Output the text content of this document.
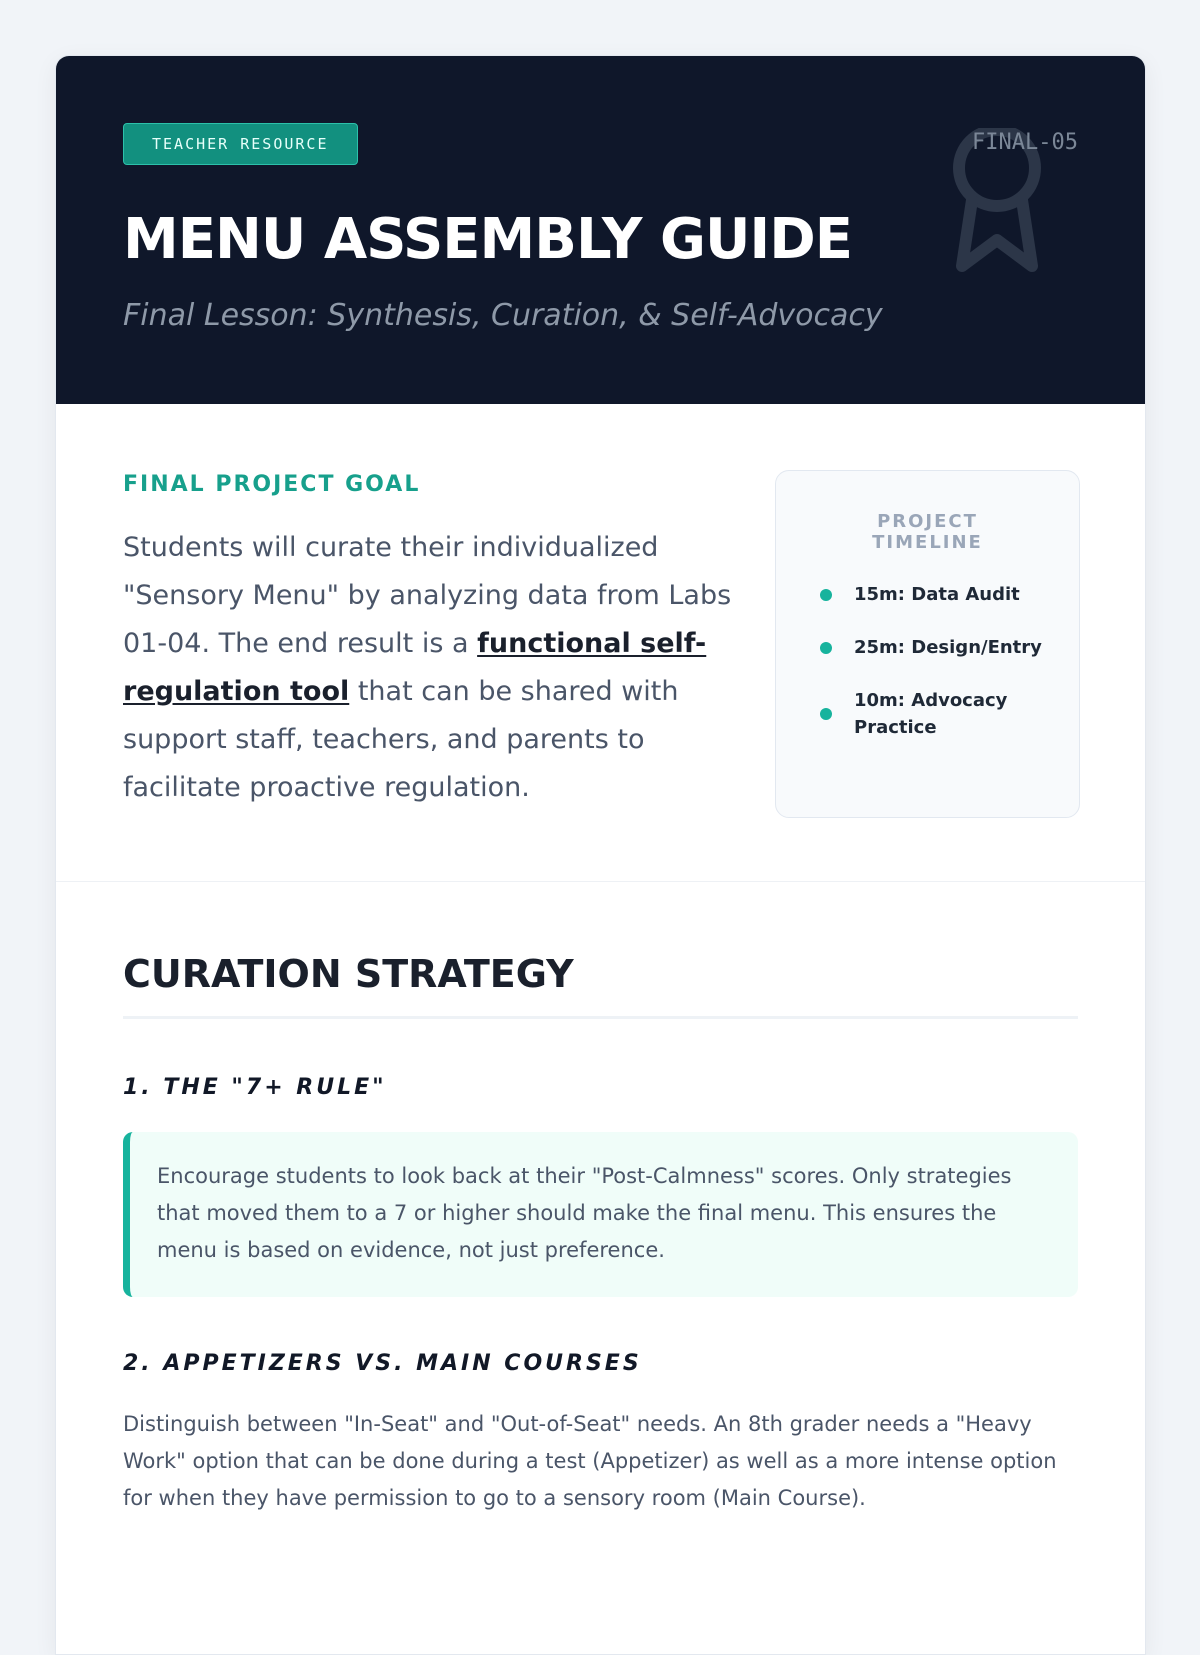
TEACHER RESOURCE	FINAL-05
MENU ASSEMBLY GUIDE

Final Lesson: Synthesis, Curation, & Self-Advocacy

FINAL PROJECT GOAL

Students will curate their individualized "Sensory Menu" by analyzing data from Labs 01-04. The end result is a functional self-regulation tool that can be shared with support staff, teachers, and parents to facilitate proactive regulation.

PROJECT TIMELINE
15m: Data Audit
25m: Design/Entry
10m: Advocacy Practice
CURATION STRATEGY
1. THE "7+ RULE"
Encourage students to look back at their "Post-Calmness" scores. Only strategies that moved them to a 7 or higher should make the final menu. This ensures the menu is based on evidence, not just preference.
2. APPETIZERS VS. MAIN COURSES

Distinguish between "In-Seat" and "Out-of-Seat" needs. An 8th grader needs a "Heavy Work" option that can be done during a test (Appetizer) as well as a more intense option for when they have permission to go to a sensory room (Main Course).
